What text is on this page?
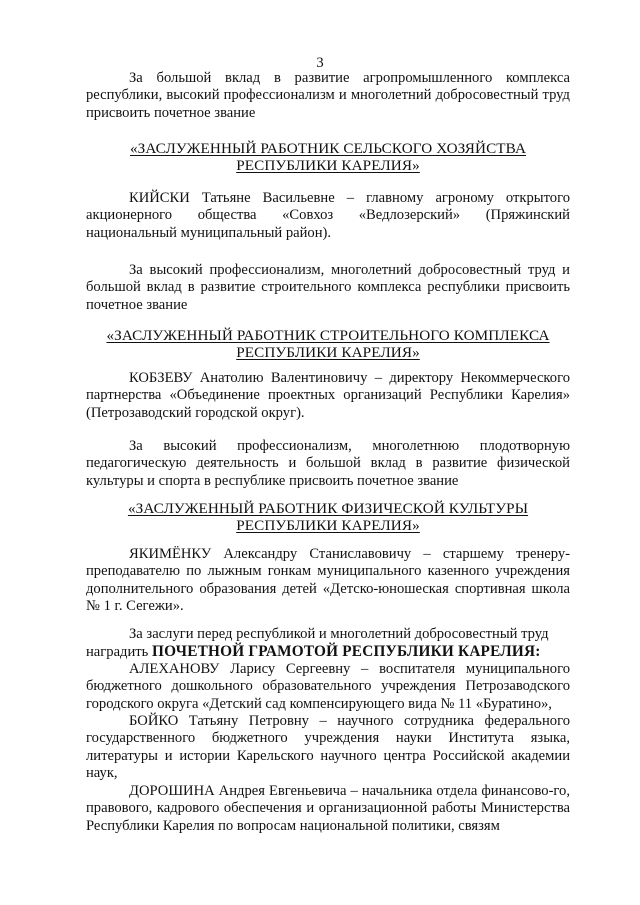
3

За большой вклад в развитие агропромышленного комплекса республики, высокий профессионализм и многолетний добросовестный труд присвоить почетное звание

«ЗАСЛУЖЕННЫЙ РАБОТНИК СЕЛЬСКОГО ХОЗЯЙСТВА
РЕСПУБЛИКИ КАРЕЛИЯ»

КИЙСКИ Татьяне Васильевне – главному агроному открытого акционерного общества «Совхоз «Ведлозерский» (Пряжинский национальный муниципальный район).

За высокий профессионализм, многолетний добросовестный труд и большой вклад в развитие строительного комплекса республики присвоить почетное звание

«ЗАСЛУЖЕННЫЙ РАБОТНИК СТРОИТЕЛЬНОГО КОМПЛЕКСА
РЕСПУБЛИКИ КАРЕЛИЯ»

КОБЗЕВУ Анатолию Валентиновичу – директору Некоммерческого партнерства «Объединение проектных организаций Республики Карелия» (Петрозаводский городской округ).

За высокий профессионализм, многолетнюю плодотворную педагогическую деятельность и большой вклад в развитие физической культуры и спорта в республике присвоить почетное звание

«ЗАСЛУЖЕННЫЙ РАБОТНИК ФИЗИЧЕСКОЙ КУЛЬТУРЫ
РЕСПУБЛИКИ КАРЕЛИЯ»

ЯКИМЁНКУ Александру Станиславовичу – старшему тренеру-преподавателю по лыжным гонкам муниципального казенного учреждения дополнительного образования детей «Детско-юношеская спортивная школа № 1 г. Сегежи».

За заслуги перед республикой и многолетний добросовестный труд
наградить ПОЧЕТНОЙ ГРАМОТОЙ РЕСПУБЛИКИ КАРЕЛИЯ:

АЛЕХАНОВУ Ларису Сергеевну – воспитателя муниципального бюджетного дошкольного образовательного учреждения Петрозаводского городского округа «Детский сад компенсирующего вида № 11 «Буратино»,

БОЙКО Татьяну Петровну – научного сотрудника федерального государственного бюджетного учреждения науки Института языка, литературы и истории Карельского научного центра Российской академии наук,

ДОРОШИНА Андрея Евгеньевича – начальника отдела финансово-го, правового, кадрового обеспечения и организационной работы Министерства Республики Карелия по вопросам национальной политики, связям
